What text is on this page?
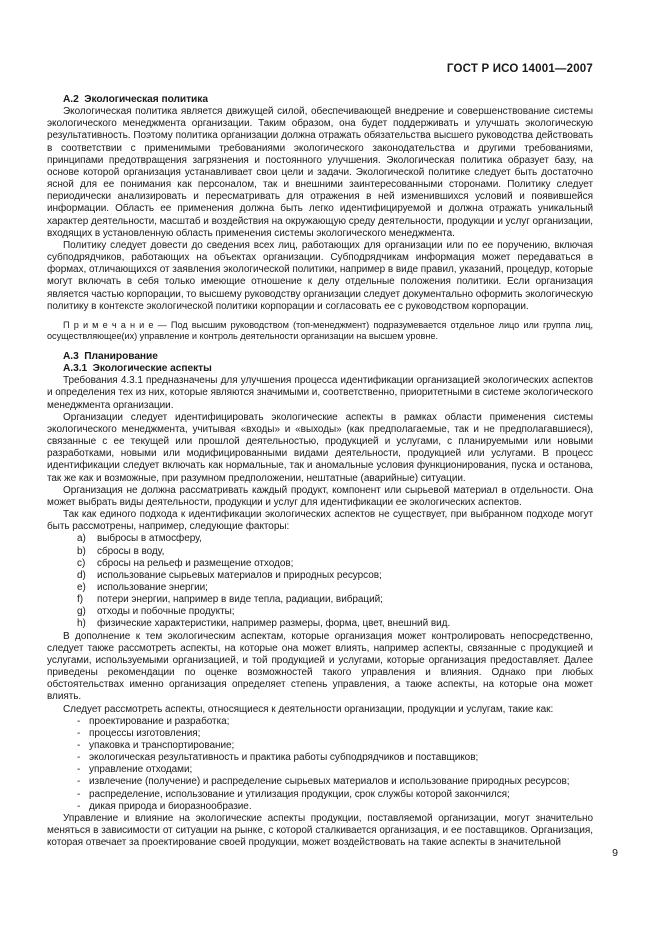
ГОСТ Р ИСО 14001—2007
А.2  Экологическая политика

Экологическая политика является движущей силой, обеспечивающей внедрение и совершенствование системы экологического менеджмента организации. Таким образом, она будет поддерживать и улучшать экологическую результативность. Поэтому политика организации должна отражать обязательства высшего руководства действовать в соответствии с применимыми требованиями экологического законодательства и другими требованиями, принципами предотвращения загрязнения и постоянного улучшения. Экологическая политика образует базу, на основе которой организация устанавливает свои цели и задачи. Экологической политике следует быть достаточно ясной для ее понимания как персоналом, так и внешними заинтересованными сторонами. Политику следует периодически анализировать и пересматривать для отражения в ней изменившихся условий и появившейся информации. Область ее применения должна быть легко идентифицируемой и должна отражать уникальный характер деятельности, масштаб и воздействия на окружающую среду деятельности, продукции и услуг организации, входящих в установленную область применения системы экологического менеджмента.

Политику следует довести до сведения всех лиц, работающих для организации или по ее поручению, включая субподрядчиков, работающих на объектах организации. Субподрядчикам информация может передаваться в формах, отличающихся от заявления экологической политики, например в виде правил, указаний, процедур, которые могут включать в себя только имеющие отношение к делу отдельные положения политики. Если организация является частью корпорации, то высшему руководству организации следует документально оформить экологическую политику в контексте экологической политики корпорации и согласовать ее с руководством корпорации.

П р и м е ч а н и е — Под высшим руководством (топ-менеджмент) подразумевается отдельное лицо или группа лиц, осуществляющее(их) управление и контроль деятельности организации на высшем уровне.

А.3  Планирование
А.3.1  Экологические аспекты

Требования 4.3.1 предназначены для улучшения процесса идентификации организацией экологических аспектов и определения тех из них, которые являются значимыми и, соответственно, приоритетными в системе экологического менеджмента организации.

Организации следует идентифицировать экологические аспекты в рамках области применения системы экологического менеджмента, учитывая «входы» и «выходы» (как предполагаемые, так и не предполагавшиеся), связанные с ее текущей или прошлой деятельностью, продукцией и услугами, с планируемыми или новыми разработками, новыми или модифицированными видами деятельности, продукцией или услугами. В процесс идентификации следует включать как нормальные, так и аномальные условия функционирования, пуска и останова, так же как и возможные, при разумном предположении, нештатные (аварийные) ситуации.

Организация не должна рассматривать каждый продукт, компонент или сырьевой материал в отдельности. Она может выбрать виды деятельности, продукции и услуг для идентификации ее экологических аспектов.

Так как единого подхода к идентификации экологических аспектов не существует, при выбранном подходе могут быть рассмотрены, например, следующие факторы:

a)	выбросы в атмосферу,
b)	сбросы в воду,
c)	сбросы на рельеф и размещение отходов;
d)	использование сырьевых материалов и природных ресурсов;
e)	использование энергии;
f)	потери энергии, например в виде тепла, радиации, вибраций;
g)	отходы и побочные продукты;
h)	физические характеристики, например размеры, форма, цвет, внешний вид.

В дополнение к тем экологическим аспектам, которые организация может контролировать непосредственно, следует также рассмотреть аспекты, на которые она может влиять, например аспекты, связанные с продукцией и услугами, используемыми организацией, и той продукцией и услугами, которые организация предоставляет. Далее приведены рекомендации по оценке возможностей такого управления и влияния. Однако при любых обстоятельствах именно организация определяет степень управления, а также аспекты, на которые она может влиять.

Следует рассмотреть аспекты, относящиеся к деятельности организации, продукции и услугам, такие как:

- проектирование и разработка;
- процессы изготовления;
- упаковка и транспортирование;
- экологическая результативность и практика работы субподрядчиков и поставщиков;
- управление отходами;
- извлечение (получение) и распределение сырьевых материалов и использование природных ресурсов;
- распределение, использование и утилизация продукции, срок службы которой закончился;
- дикая природа и биоразнообразие.

Управление и влияние на экологические аспекты продукции, поставляемой организации, могут значительно меняться в зависимости от ситуации на рынке, с которой сталкивается организация, и ее поставщиков. Организация, которая отвечает за проектирование своей продукции, может воздействовать на такие аспекты в значительной

9
